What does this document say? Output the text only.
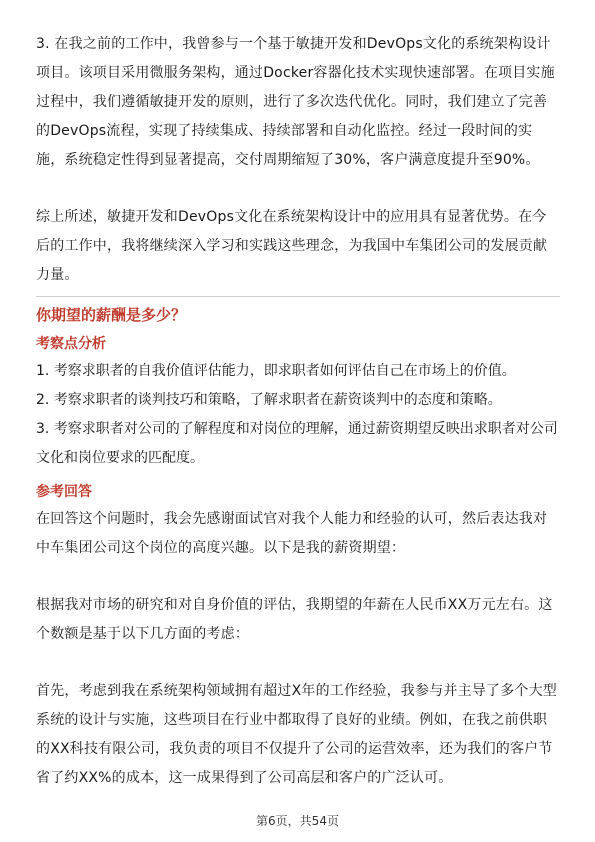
3. 在我之前的工作中，我曾参与一个基于敏捷开发和DevOps文化的系统架构设计项目。该项目采用微服务架构，通过Docker容器化技术实现快速部署。在项目实施过程中，我们遵循敏捷开发的原则，进行了多次迭代优化。同时，我们建立了完善的DevOps流程，实现了持续集成、持续部署和自动化监控。经过一段时间的实施，系统稳定性得到显著提高，交付周期缩短了30%，客户满意度提升至90%。

综上所述，敏捷开发和DevOps文化在系统架构设计中的应用具有显著优势。在今后的工作中，我将继续深入学习和实践这些理念，为我国中车集团公司的发展贡献力量。

你期望的薪酬是多少？

考察点分析

1. 考察求职者的自我价值评估能力，即求职者如何评估自己在市场上的价值。

2. 考察求职者的谈判技巧和策略，了解求职者在薪资谈判中的态度和策略。

3. 考察求职者对公司的了解程度和对岗位的理解，通过薪资期望反映出求职者对公司文化和岗位要求的匹配度。

参考回答

在回答这个问题时，我会先感谢面试官对我个人能力和经验的认可，然后表达我对中车集团公司这个岗位的高度兴趣。以下是我的薪资期望：

根据我对市场的研究和对自身价值的评估，我期望的年薪在人民币XX万元左右。这个数额是基于以下几方面的考虑：

首先，考虑到我在系统架构领域拥有超过X年的工作经验，我参与并主导了多个大型系统的设计与实施，这些项目在行业中都取得了良好的业绩。例如，在我之前供职的XX科技有限公司，我负责的项目不仅提升了公司的运营效率，还为我们的客户节省了约XX%的成本，这一成果得到了公司高层和客户的广泛认可。

第6页，共54页
